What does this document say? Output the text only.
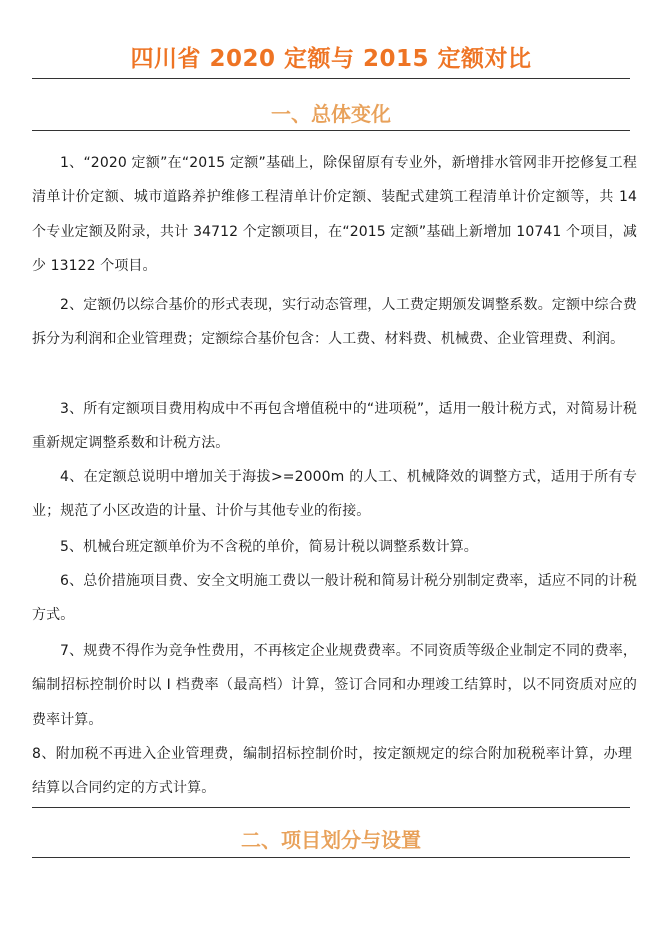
四川省 2020 定额与 2015 定额对比
一、总体变化

1、“2020 定额”在“2015 定额”基础上，除保留原有专业外，新增排水管网非开挖修复工程清单计价定额、城市道路养护维修工程清单计价定额、装配式建筑工程清单计价定额等，共 14 个专业定额及附录，共计 34712 个定额项目，在“2015 定额”基础上新增加 10741 个项目，减少 13122 个项目。

2、定额仍以综合基价的形式表现，实行动态管理，人工费定期颁发调整系数。定额中综合费拆分为利润和企业管理费；定额综合基价包含：人工费、材料费、机械费、企业管理费、利润。

3、所有定额项目费用构成中不再包含增值税中的“进项税”，适用一般计税方式，对简易计税重新规定调整系数和计税方法。

4、在定额总说明中增加关于海拔>=2000m 的人工、机械降效的调整方式，适用于所有专业；规范了小区改造的计量、计价与其他专业的衔接。

5、机械台班定额单价为不含税的单价，简易计税以调整系数计算。

6、总价措施项目费、安全文明施工费以一般计税和简易计税分别制定费率，适应不同的计税方式。

7、规费不得作为竞争性费用，不再核定企业规费费率。不同资质等级企业制定不同的费率，编制招标控制价时以 I 档费率（最高档）计算，签订合同和办理竣工结算时，以不同资质对应的费率计算。

8、附加税不再进入企业管理费，编制招标控制价时，按定额规定的综合附加税税率计算，办理结算以合同约定的方式计算。

二、项目划分与设置
